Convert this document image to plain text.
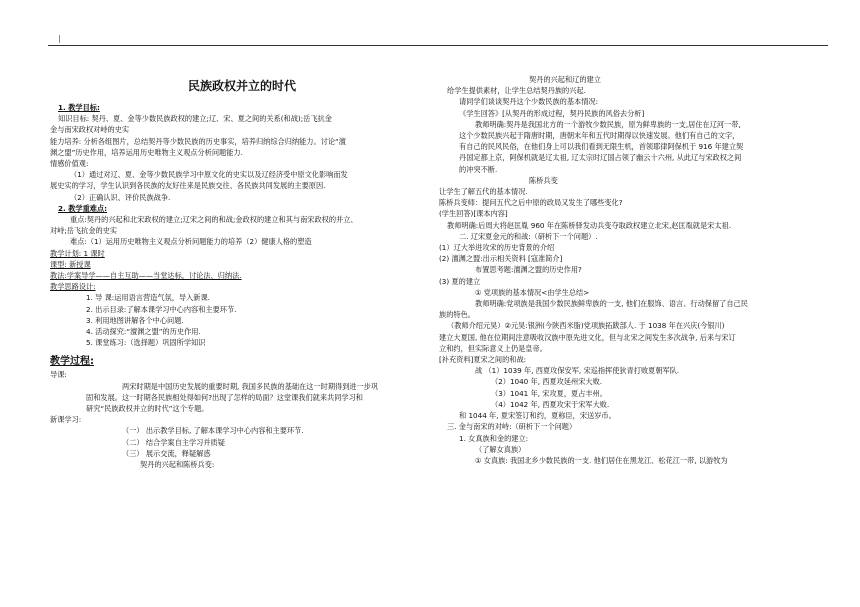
|
民族政权并立的时代
1. 教学目标:
知识目标: 契丹、夏、金等少数民族政权的建立;辽、宋、夏之间的关系(和战);岳飞抗金
金与南宋政权对峙的史实
能力培养: 分析各组图片，总结契丹等少数民族的历史事实，培养归纳综合归纳能力。讨论“澶
渊之盟”历史作用，培养运用历史唯物主义观点分析问题能力.
情感价值观:
（1）通过对辽、夏、金等少数民族学习中原文化的史实以及辽经济受中原文化影响而发
展史实的学习，学生认识到各民族的友好往来是民族交往、各民族共同发展的主要原因.
（2）正确认识、评价民族战争.
2. 教学重难点:
重点:契丹的兴起和北宋政权的建立;辽宋之间的和战;金政权的建立和其与南宋政权的并立、
对峙;岳飞抗金的史实
难点:（1）运用历史唯物主义观点分析问题能力的培养（2）健康人格的塑造
教学计划: 1 课时
课型: 新授课
教法:学案导学——自主互助——当堂达标，讨论法、归纳法.
教学思路设计:
1. 导 课:运用语言营造气氛，导入新课.
2. 出示目录:了解本课学习中心内容和主要环节.
3. 利用地图讲解各个中心问题.
4. 活动探究:“澶渊之盟”的历史作用.
5. 课堂练习:（选择题）巩固所学知识
教学过程:
导课:
两宋时期是中国历史发展的重要时期, 我国多民族的基础在这一时期得到进一步巩
固和发展。这一时期各民族相处得如何?出现了怎样的局面？这堂课我们就来共同学习和
研究“民族政权并立的时代”这个专题。
新课学习:
（一） 出示教学目标, 了解本课学习中心内容和主要环节.
（二） 结合学案自主学习并质疑
（三） 展示交流，释疑解惑
契丹的兴起和陈桥兵变:
契丹的兴起和辽的建立
给学生提供素材，让学生总结契丹族的兴起.
请同学们谈谈契丹这个少数民族的基本情况:
《学生回答》[从契丹的形成过程，契丹民族的风俗去分析]
教师明确:契丹是我国北方的一个游牧少数民族，原为鲜卑族的一支,居住在辽河一带,
这个少数民族兴起于隋唐时期，唐朝末年和五代时期得以快速发展。他们有自己的文字，
有自己的民风民俗，在他们身上可以我们看到无限生机，首领耶律阿保机于 916 年建立契
丹国定都上京，阿保机就是辽太祖, 辽太宗时辽国占领了幽云十六州, 从此辽与宋政权之间
的冲突不断.
陈桥兵变
让学生了解五代的基本情况.
陈桥兵变师：提问五代之后中原的政局又发生了哪些变化?
(学生回答)[课本内容]
教师明确:后周大将赵匡胤 960 年在陈桥驿发动兵变夺取政权建立北宋,赵匡胤就是宋太祖.
二. 辽宋夏金元的和战:（研析下一个问题）.
(1）辽大举进攻宋的历史背景的介绍
(2) 澶渊之盟:出示相关资料 [寇准简介]
布置思考题:澶渊之盟的历史作用?
(3) 夏的建立
① 党项族的基本情况<由学生总结>
教师明确:党项族是我国少数民族鲜卑族的一支, 他们在服饰、语言、行动保留了自己民
族的特色。
（教师介绍元昊）②元昊:银洲(今陕西米脂)党项族拓跋部人. 于 1038 年在兴庆(今银川)
建立大夏国, 他在位期间注意吸收汉族中原先进文化，但与北宋之间发生多次战争, 后来与宋订
立和约，但实际意义上仍是皇帝。
[补充资料]夏宋之间的和战:
战 （1）1039 年, 西夏攻保安军, 宋巡指挥使狄青打败夏朝军队.
（2）1040 年, 西夏攻延州宋大败.
（3）1041 年, 宋攻夏，夏占丰州。
（4）1042 年, 西夏攻宋于宋军大败.
和 1044 年, 夏宋签订和约，夏称臣，宋送岁币。
三. 金与南宋的对峙:（研析下一个问题）
1. 女真族和金的建立:
（了解女真族）
① 女真族: 我国北乡少数民族的一支. 他们居住在黑龙江、松花江一带, 以游牧为
